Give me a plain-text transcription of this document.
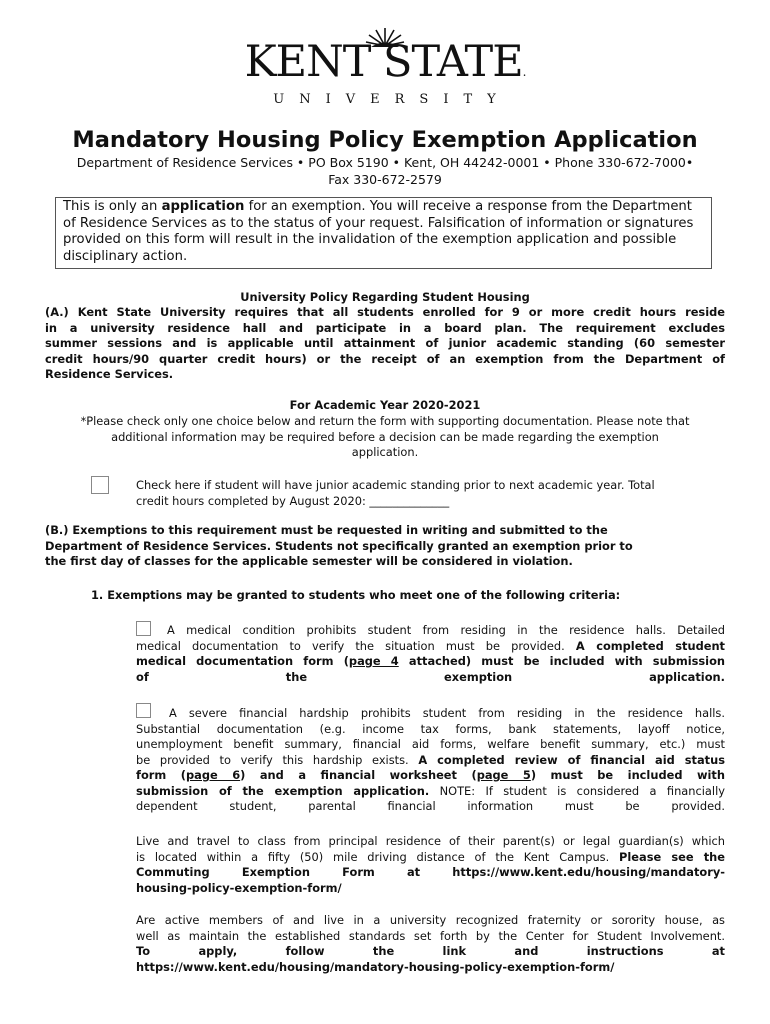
KENT STATE.
UNIVERSITY
Mandatory Housing Policy Exemption Application
Department of Residence Services • PO Box 5190 • Kent, OH 44242-0001 • Phone 330-672-7000•
Fax 330-672-2579
This is only an application for an exemption. You will receive a response from the Department of Residence Services as to the status of your request. Falsification of information or signatures provided on this form will result in the invalidation of the exemption application and possible disciplinary action.
University Policy Regarding Student Housing
(A.) Kent State University requires that all students enrolled for 9 or more credit hours reside
in a university residence hall and participate in a board plan. The requirement excludes
summer sessions and is applicable until attainment of junior academic standing (60 semester
credit hours/90 quarter credit hours) or the receipt of an exemption from the Department of
Residence Services.
For Academic Year 2020-2021
*Please check only one choice below and return the form with supporting documentation. Please note that
additional information may be required before a decision can be made regarding the exemption
application.
Check here if student will have junior academic standing prior to next academic year. Total
credit hours completed by August 2020: ______________
(B.) Exemptions to this requirement must be requested in writing and submitted to the
Department of Residence Services. Students not specifically granted an exemption prior to
the first day of classes for the applicable semester will be considered in violation.
1. Exemptions may be granted to students who meet one of the following criteria:
A medical condition prohibits student from residing in the residence halls. Detailed
medical documentation to verify the situation must be provided. A completed student
medical documentation form (page 4 attached) must be included with submission
of	the	exemption	application.
A severe financial hardship prohibits student from residing in the residence halls.
Substantial documentation (e.g. income tax forms, bank statements, layoff notice,
unemployment benefit summary, financial aid forms, welfare benefit summary, etc.) must
be provided to verify this hardship exists. A completed review of financial aid status
form (page 6) and a financial worksheet (page 5) must be included with
submission of the exemption application. NOTE: If student is considered a financially
dependent	student,	parental	financial	information	must	be	provided.
Live and travel to class from principal residence of their parent(s) or legal guardian(s) which
is located within a fifty (50) mile driving distance of the Kent Campus. Please see the
Commuting Exemption Form at https://www.kent.edu/housing/mandatory-
housing-policy-exemption-form/
Are active members of and live in a university recognized fraternity or sorority house, as
well as maintain the established standards set forth by the Center for Student Involvement.
To apply, follow the link and instructions at
https://www.kent.edu/housing/mandatory-housing-policy-exemption-form/
